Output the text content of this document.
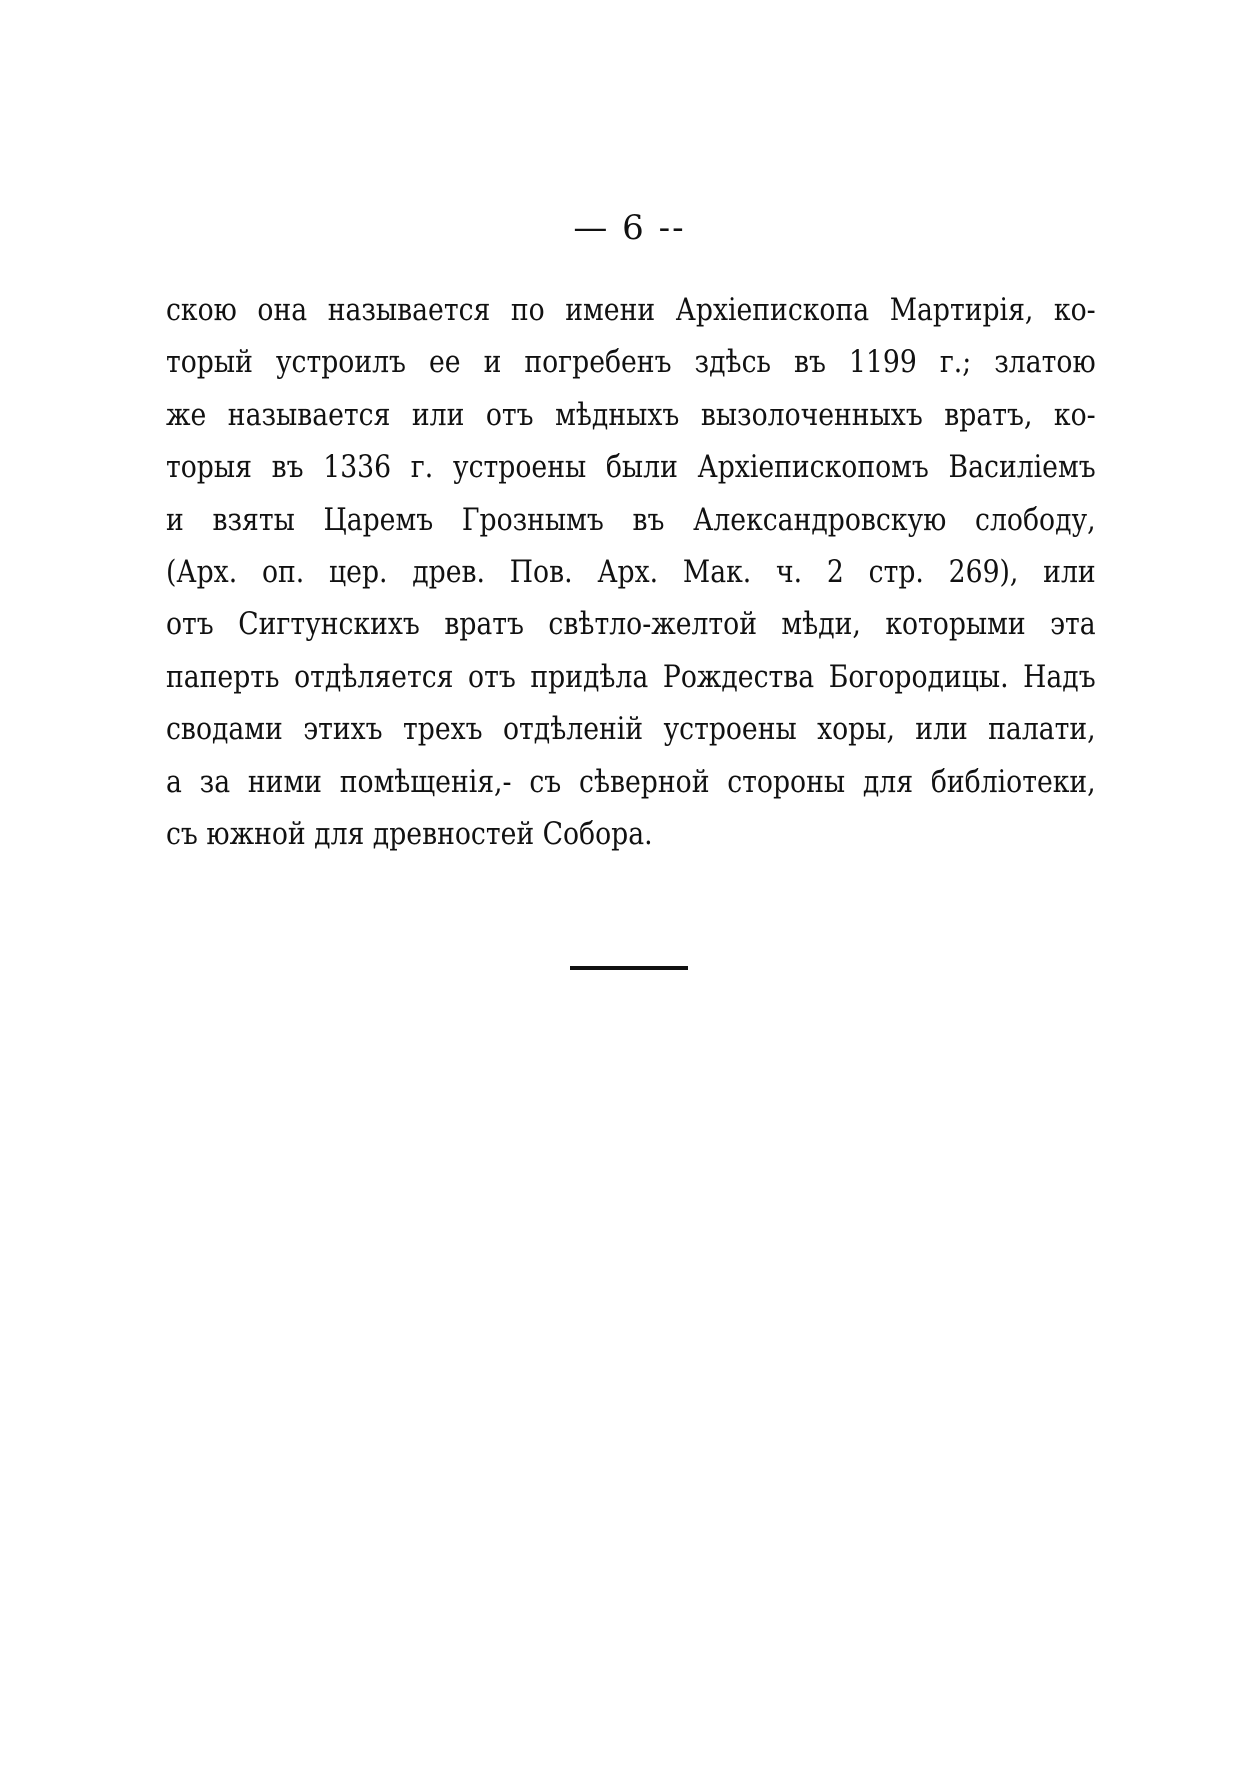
— 6 --
скою она называется по имени Архіепископа Мартирія, ко-
торый устроилъ ее и погребенъ здѣсь въ 1199 г.; златою
же называется или отъ мѣдныхъ вызолоченныхъ вратъ, ко-
торыя въ 1336 г. устроены были Архіепископомъ Василіемъ
и взяты Царемъ Грознымъ въ Александровскую слободу,
(Арх. оп. цер. древ. Пов. Арх. Мак. ч. 2 стр. 269), или
отъ Сигтунскихъ вратъ свѣтло-желтой мѣди, которыми эта
паперть отдѣляется отъ придѣла Рождества Богородицы. Надъ
сводами этихъ трехъ отдѣленій устроены хоры, или палати,
а за ними помѣщенія,- съ сѣверной стороны для библіотеки,
съ южной для древностей Собора.
